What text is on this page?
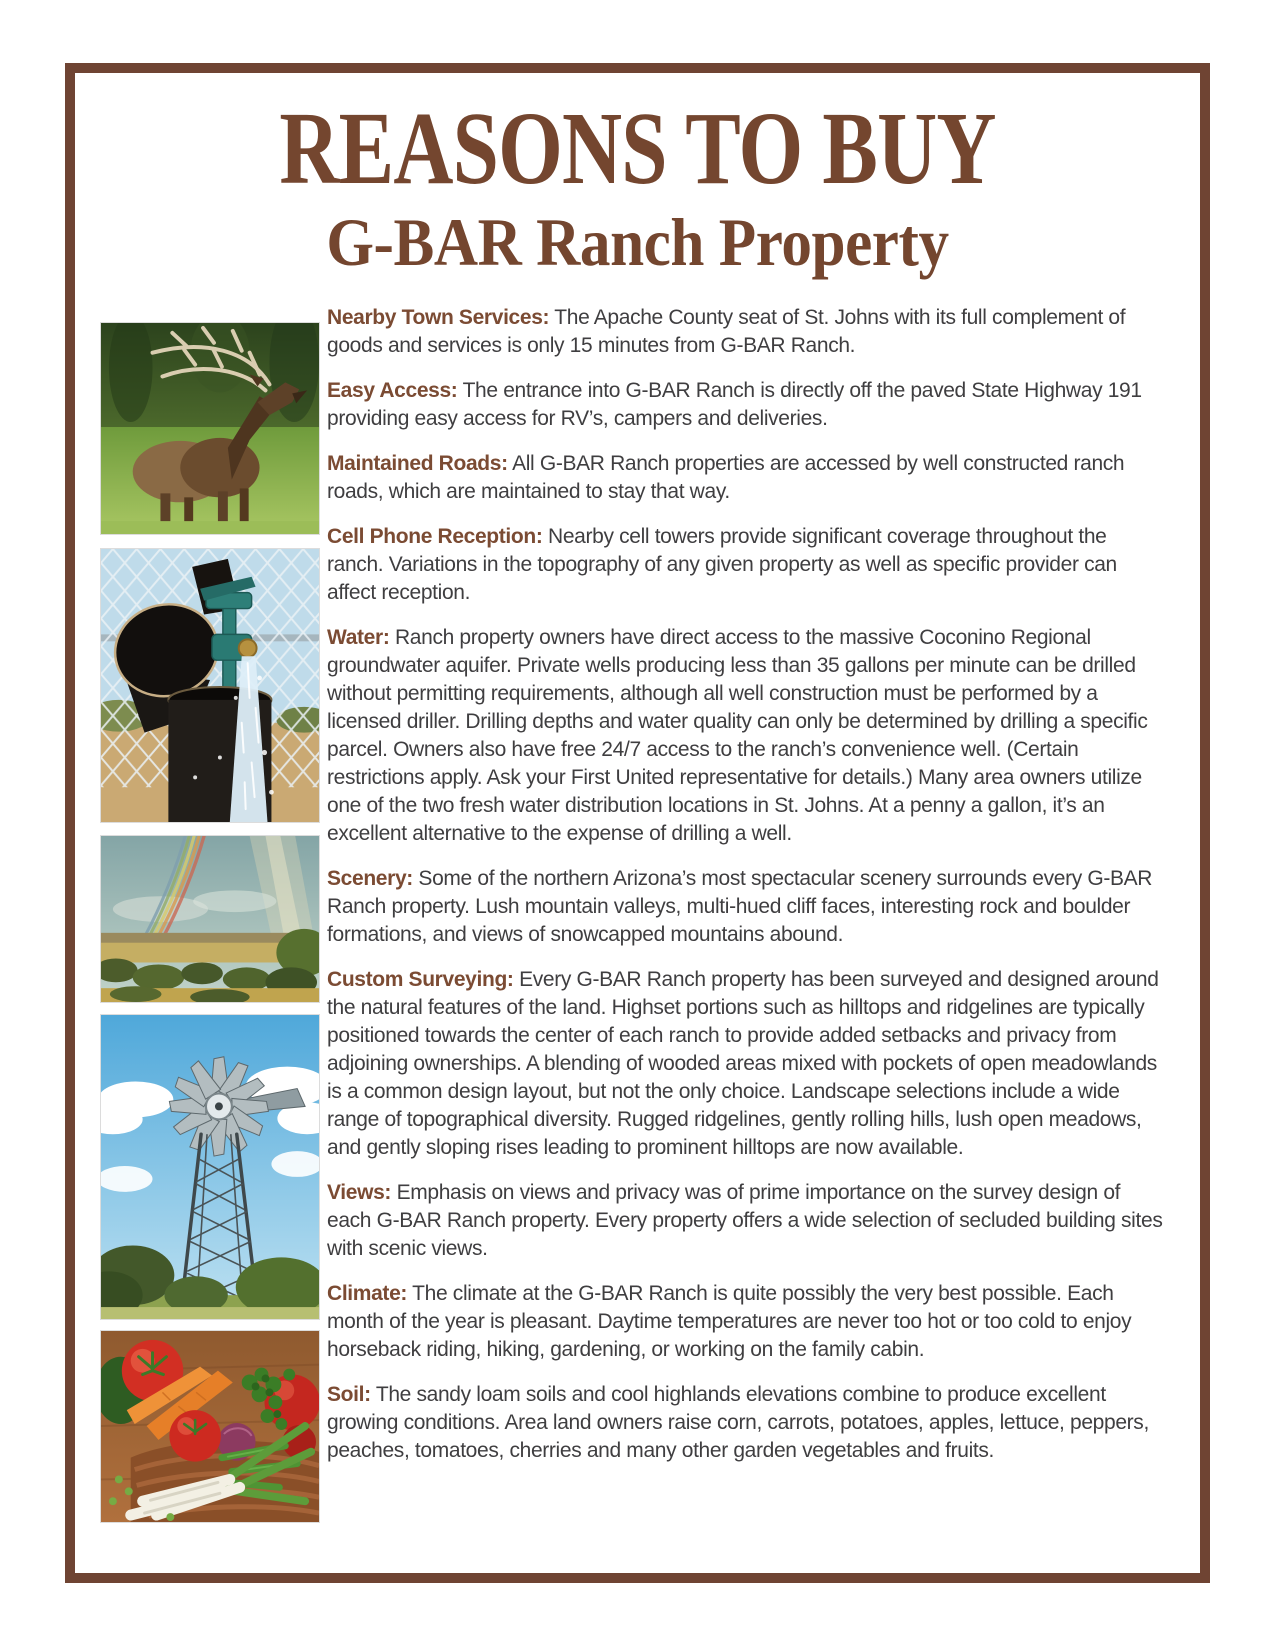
REASONS TO BUY
G-BAR Ranch Property

Nearby Town Services: The Apache County seat of St. Johns with its full complement of goods and services is only 15 minutes from G-BAR Ranch.

Easy Access: The entrance into G-BAR Ranch is directly off the paved State Highway 191 providing easy access for RV’s, campers and deliveries.

Maintained Roads: All G-BAR Ranch properties are accessed by well constructed ranch roads, which are maintained to stay that way.

Cell Phone Reception: Nearby cell towers provide significant coverage throughout the ranch. Variations in the topography of any given property as well as specific provider can affect reception.

Water: Ranch property owners have direct access to the massive Coconino Regional groundwater aquifer. Private wells producing less than 35 gallons per minute can be drilled without permitting requirements, although all well construction must be performed by a licensed driller. Drilling depths and water quality can only be determined by drilling a specific parcel. Owners also have free 24/7 access to the ranch’s convenience well. (Certain restrictions apply. Ask your First United representative for details.) Many area owners utilize one of the two fresh water distribution locations in St. Johns. At a penny a gallon, it’s an excellent alternative to the expense of drilling a well.

Scenery: Some of the northern Arizona’s most spectacular scenery surrounds every G-BAR Ranch property. Lush mountain valleys, multi-hued cliff faces, interesting rock and boulder formations, and views of snowcapped mountains abound.

Custom Surveying: Every G-BAR Ranch property has been surveyed and designed around the natural features of the land. Highset portions such as hilltops and ridgelines are typically positioned towards the center of each ranch to provide added setbacks and privacy from adjoining ownerships. A blending of wooded areas mixed with pockets of open meadowlands is a common design layout, but not the only choice. Landscape selections include a wide range of topographical diversity. Rugged ridgelines, gently rolling hills, lush open meadows, and gently sloping rises leading to prominent hilltops are now available.

Views: Emphasis on views and privacy was of prime importance on the survey design of each G-BAR Ranch property. Every property offers a wide selection of secluded building sites with scenic views.

Climate: The climate at the G-BAR Ranch is quite possibly the very best possible. Each month of the year is pleasant. Daytime temperatures are never too hot or too cold to enjoy horseback riding, hiking, gardening, or working on the family cabin.

Soil: The sandy loam soils and cool highlands elevations combine to produce excellent growing conditions. Area land owners raise corn, carrots, potatoes, apples, lettuce, peppers, peaches, tomatoes, cherries and many other garden vegetables and fruits.
